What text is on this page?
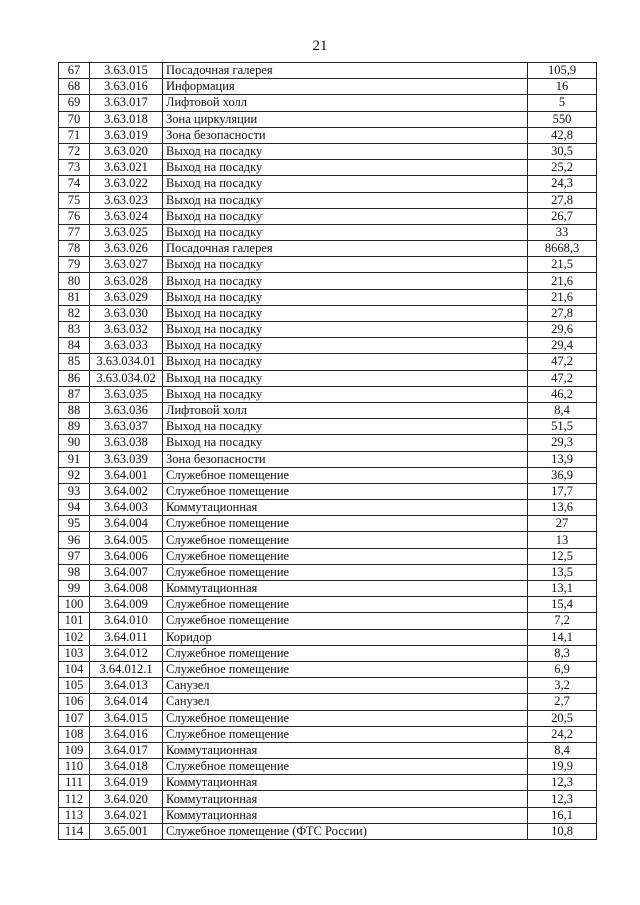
21
67	3.63.015	Посадочная галерея	105,9
68	3.63.016	Информация	16
69	3.63.017	Лифтовой холл	5
70	3.63.018	Зона циркуляции	550
71	3.63.019	Зона безопасности	42,8
72	3.63.020	Выход на посадку	30,5
73	3.63.021	Выход на посадку	25,2
74	3.63.022	Выход на посадку	24,3
75	3.63.023	Выход на посадку	27,8
76	3.63.024	Выход на посадку	26,7
77	3.63.025	Выход на посадку	33
78	3.63.026	Посадочная галерея	8668,3
79	3.63.027	Выход на посадку	21,5
80	3.63.028	Выход на посадку	21,6
81	3.63.029	Выход на посадку	21,6
82	3.63.030	Выход на посадку	27,8
83	3.63.032	Выход на посадку	29,6
84	3.63.033	Выход на посадку	29,4
85	3.63.034.01	Выход на посадку	47,2
86	3.63.034.02	Выход на посадку	47,2
87	3.63.035	Выход на посадку	46,2
88	3.63.036	Лифтовой холл	8,4
89	3.63.037	Выход на посадку	51,5
90	3.63.038	Выход на посадку	29,3
91	3.63.039	Зона безопасности	13,9
92	3.64.001	Служебное помещение	36,9
93	3.64.002	Служебное помещение	17,7
94	3.64.003	Коммутационная	13,6
95	3.64.004	Служебное помещение	27
96	3.64.005	Служебное помещение	13
97	3.64.006	Служебное помещение	12,5
98	3.64.007	Служебное помещение	13,5
99	3.64.008	Коммутационная	13,1
100	3.64.009	Служебное помещение	15,4
101	3.64.010	Служебное помещение	7,2
102	3.64.011	Коридор	14,1
103	3.64.012	Служебное помещение	8,3
104	3.64.012.1	Служебное помещение	6,9
105	3.64.013	Санузел	3,2
106	3.64.014	Санузел	2,7
107	3.64.015	Служебное помещение	20,5
108	3.64.016	Служебное помещение	24,2
109	3.64.017	Коммутационная	8,4
110	3.64.018	Служебное помещение	19,9
111	3.64.019	Коммутационная	12,3
112	3.64.020	Коммутационная	12,3
113	3.64.021	Коммутационная	16,1
114	3.65.001	Служебное помещение (ФТС России)	10,8
